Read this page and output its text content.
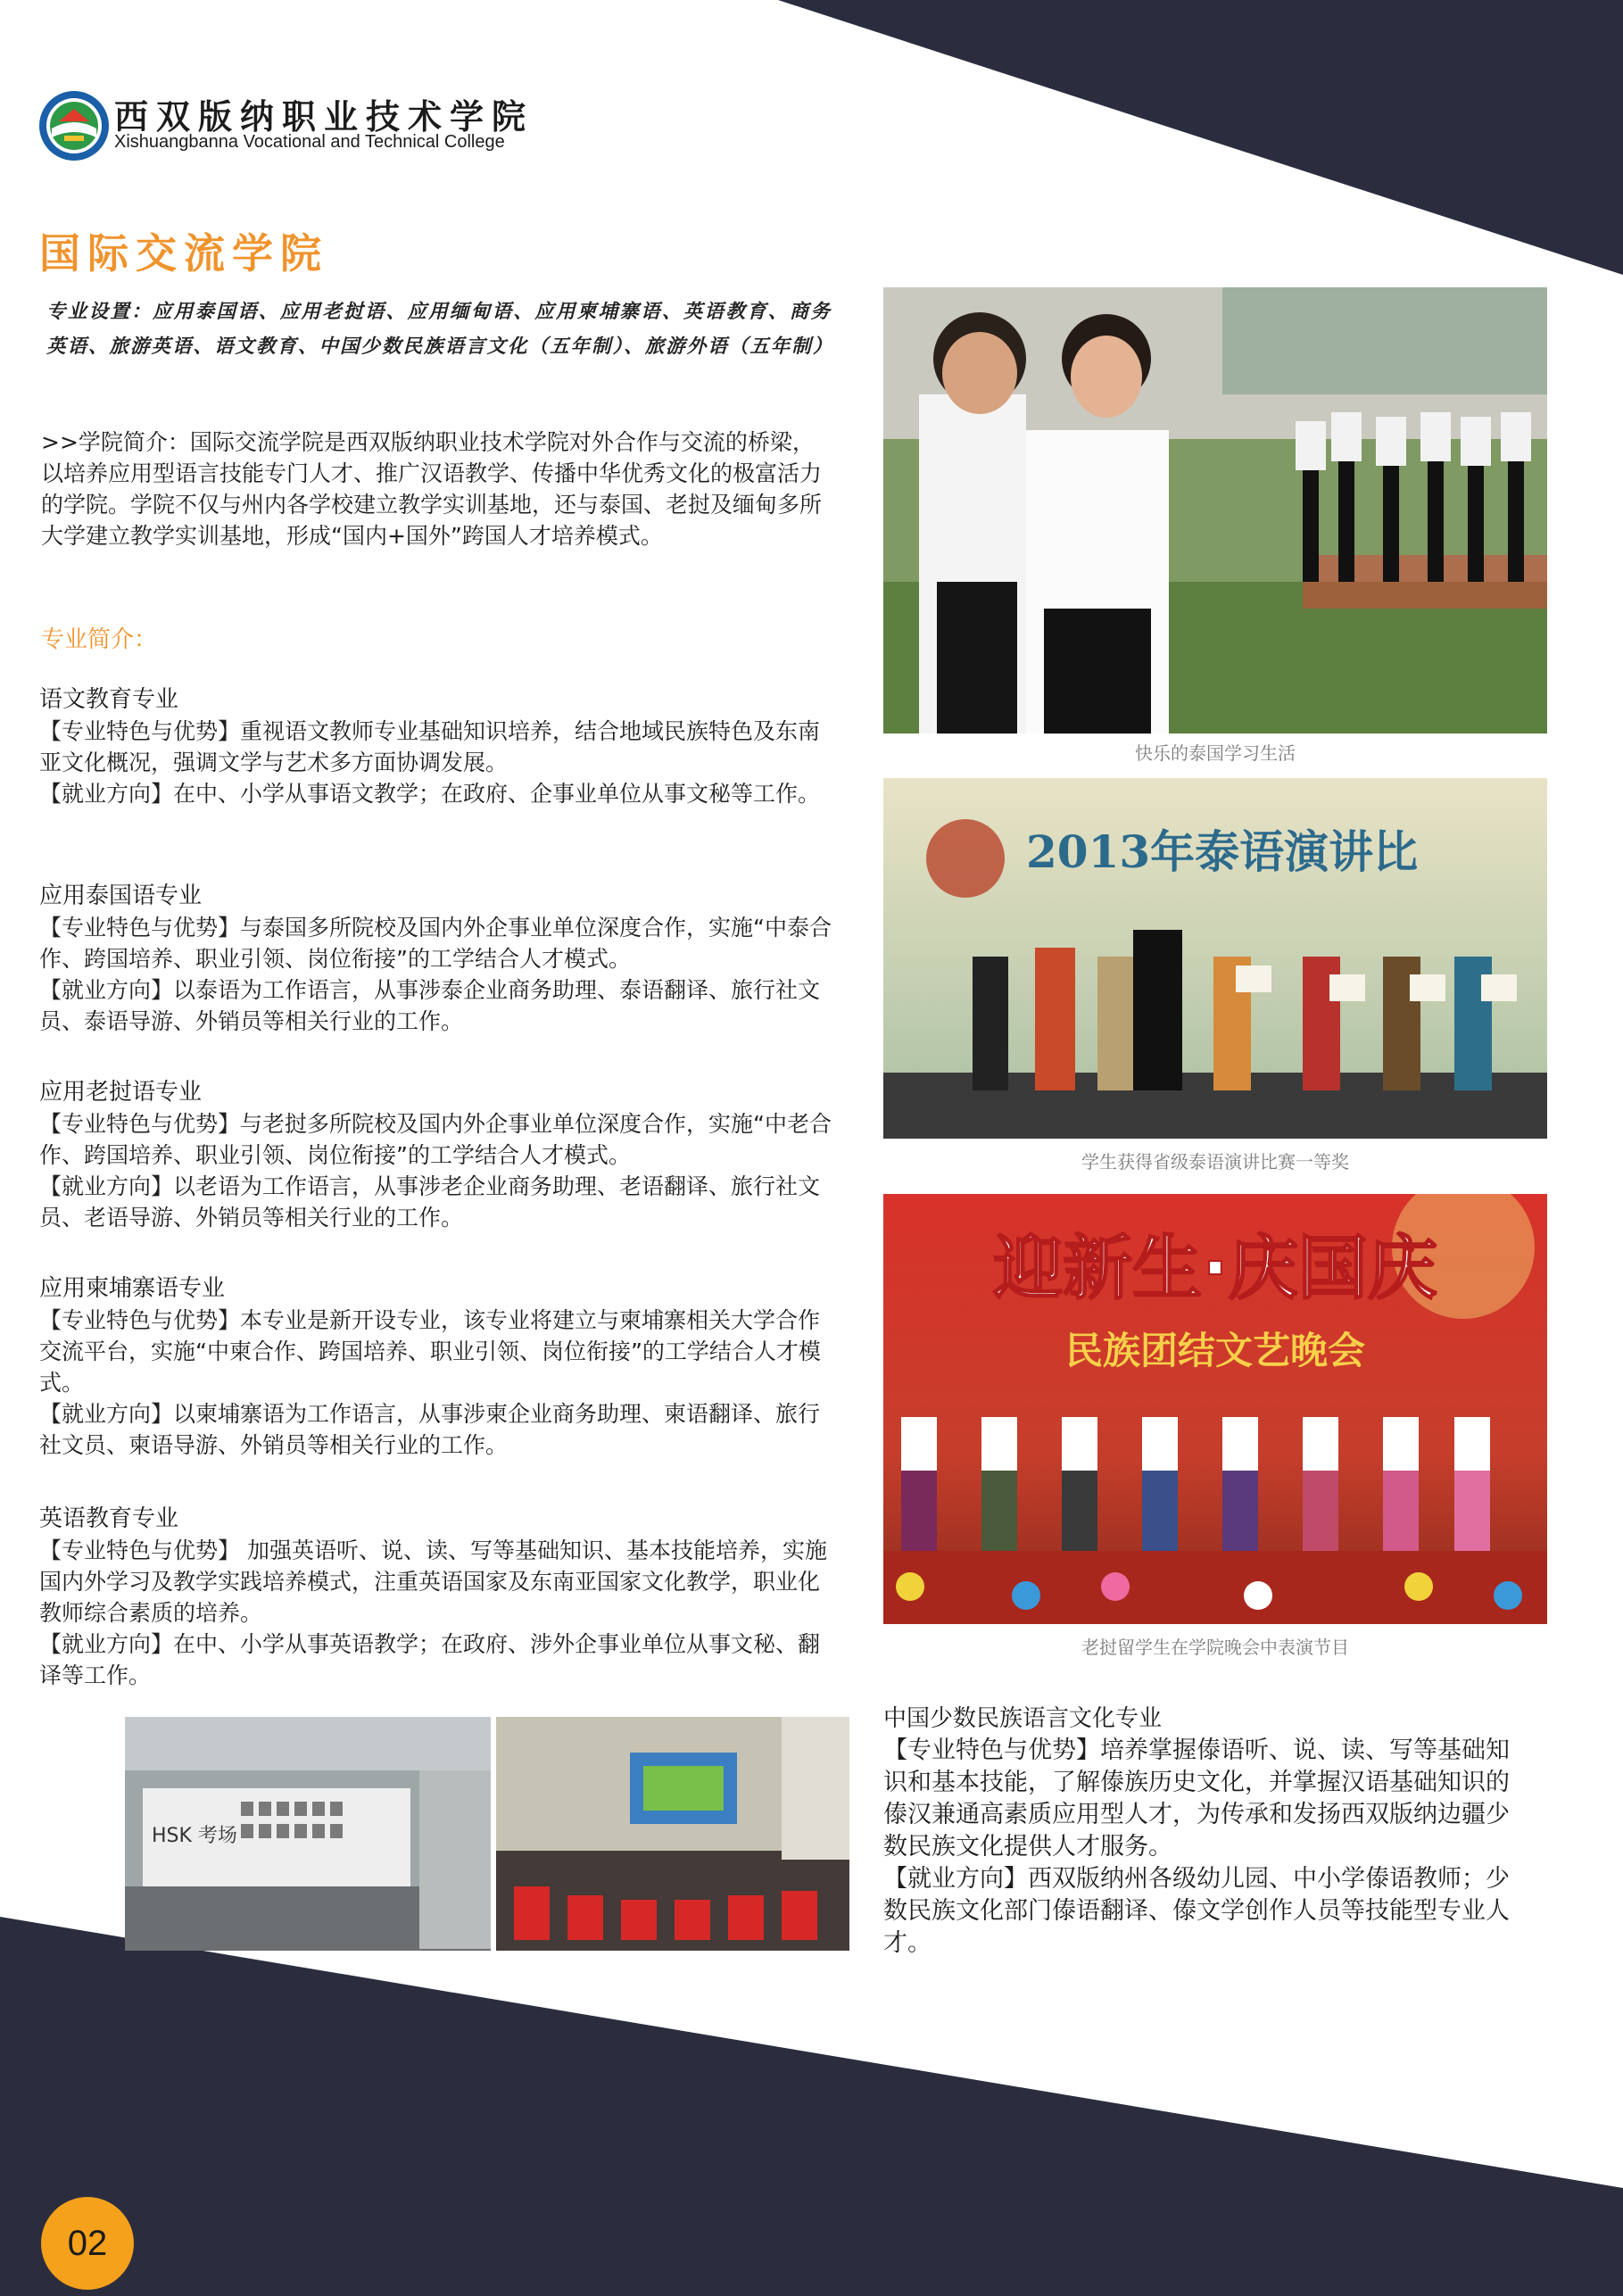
西双版纳职业技术学院
Xishuangbanna Vocational and Technical College
国际交流学院
专业设置：应用泰国语、应用老挝语、应用缅甸语、应用柬埔寨语、英语教育、商务英语、旅游英语、语文教育、中国少数民族语言文化（五年制）、旅游外语（五年制）
>>学院简介：国际交流学院是西双版纳职业技术学院对外合作与交流的桥梁，以培养应用型语言技能专门人才、推广汉语教学、传播中华优秀文化的极富活力的学院。学院不仅与州内各学校建立教学实训基地，还与泰国、老挝及缅甸多所大学建立教学实训基地，形成“国内+国外”跨国人才培养模式。
专业简介：
语文教育专业
【专业特色与优势】重视语文教师专业基础知识培养，结合地域民族特色及东南亚文化概况，强调文学与艺术多方面协调发展。
【就业方向】在中、小学从事语文教学；在政府、企事业单位从事文秘等工作。
应用泰国语专业
【专业特色与优势】与泰国多所院校及国内外企事业单位深度合作，实施“中泰合作、跨国培养、职业引领、岗位衔接”的工学结合人才模式。
【就业方向】以泰语为工作语言，从事涉泰企业商务助理、泰语翻译、旅行社文员、泰语导游、外销员等相关行业的工作。
应用老挝语专业
【专业特色与优势】与老挝多所院校及国内外企事业单位深度合作，实施“中老合作、跨国培养、职业引领、岗位衔接”的工学结合人才模式。
【就业方向】以老语为工作语言，从事涉老企业商务助理、老语翻译、旅行社文员、老语导游、外销员等相关行业的工作。
应用柬埔寨语专业
【专业特色与优势】本专业是新开设专业，该专业将建立与柬埔寨相关大学合作交流平台，实施“中柬合作、跨国培养、职业引领、岗位衔接”的工学结合人才模式。
【就业方向】以柬埔寨语为工作语言，从事涉柬企业商务助理、柬语翻译、旅行社文员、柬语导游、外销员等相关行业的工作。
英语教育专业
【专业特色与优势】 加强英语听、说、读、写等基础知识、基本技能培养，实施国内外学习及教学实践培养模式，注重英语国家及东南亚国家文化教学，职业化教师综合素质的培养。
【就业方向】在中、小学从事英语教学；在政府、涉外企事业单位从事文秘、翻译等工作。
快乐的泰国学习生活
2013年泰语演讲比
学生获得省级泰语演讲比赛一等奖
迎新生·庆国庆
民族团结文艺晚会
老挝留学生在学院晚会中表演节目
HSK 考场
中国少数民族语言文化专业
【专业特色与优势】培养掌握傣语听、说、读、写等基础知识和基本技能，了解傣族历史文化，并掌握汉语基础知识的傣汉兼通高素质应用型人才，为传承和发扬西双版纳边疆少数民族文化提供人才服务。
【就业方向】西双版纳州各级幼儿园、中小学傣语教师；少数民族文化部门傣语翻译、傣文学创作人员等技能型专业人才。
02
